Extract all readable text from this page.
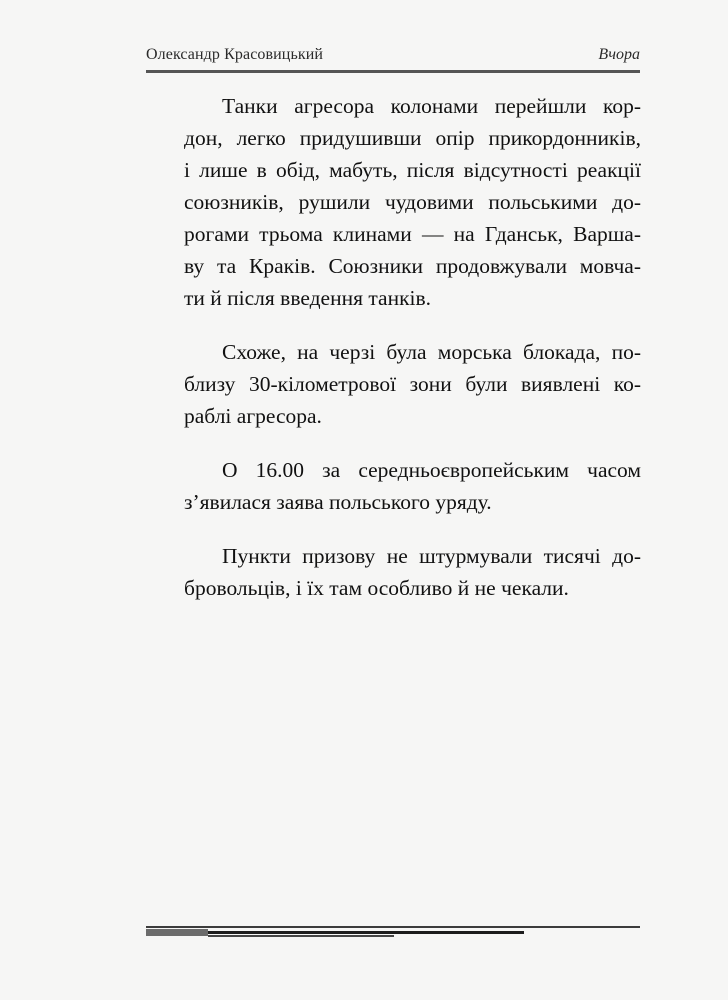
Олександр Красовицький	Вчора

Танки агресора колонами перейшли кор-
дон, легко придушивши опір прикордонників,
і лише в обід, мабуть, після відсутності реакції
союзників, рушили чудовими польськими до-
рогами трьома клинами — на Гданськ, Варша-
ву та Краків. Союзники продовжували мовча-
ти й після введення танків.

Схоже, на черзі була морська блокада, по-
близу 30-кілометрової зони були виявлені ко-
раблі агресора.

О 16.00 за середньоєвропейським часом
з’явилася заява польського уряду.

Пункти призову не штурмували тисячі до-
бровольців, і їх там особливо й не чекали.
